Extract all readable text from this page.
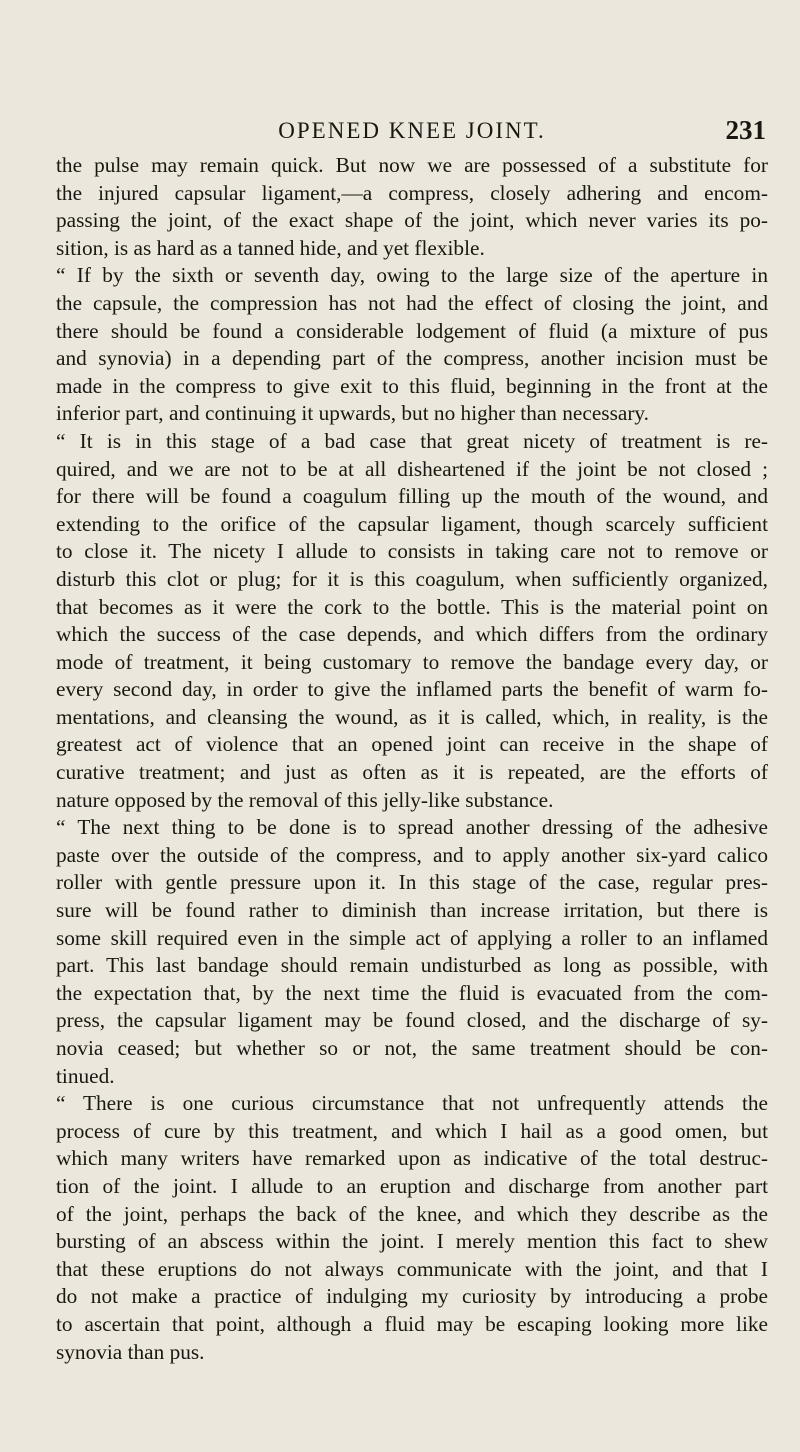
OPENED KNEE JOINT.	231
the pulse may remain quick. But now we are possessed of a substitute for
the injured capsular ligament,—a compress, closely adhering and encom-
passing the joint, of the exact shape of the joint, which never varies its po-
sition, is as hard as a tanned hide, and yet flexible.
“ If by the sixth or seventh day, owing to the large size of the aperture in
the capsule, the compression has not had the effect of closing the joint, and
there should be found a considerable lodgement of fluid (a mixture of pus
and synovia) in a depending part of the compress, another incision must be
made in the compress to give exit to this fluid, beginning in the front at the
inferior part, and continuing it upwards, but no higher than necessary.
“ It is in this stage of a bad case that great nicety of treatment is re-
quired, and we are not to be at all disheartened if the joint be not closed ;
for there will be found a coagulum filling up the mouth of the wound, and
extending to the orifice of the capsular ligament, though scarcely sufficient
to close it. The nicety I allude to consists in taking care not to remove or
disturb this clot or plug; for it is this coagulum, when sufficiently organized,
that becomes as it were the cork to the bottle. This is the material point on
which the success of the case depends, and which differs from the ordinary
mode of treatment, it being customary to remove the bandage every day, or
every second day, in order to give the inflamed parts the benefit of warm fo-
mentations, and cleansing the wound, as it is called, which, in reality, is the
greatest act of violence that an opened joint can receive in the shape of
curative treatment; and just as often as it is repeated, are the efforts of
nature opposed by the removal of this jelly-like substance.
“ The next thing to be done is to spread another dressing of the adhesive
paste over the outside of the compress, and to apply another six-yard calico
roller with gentle pressure upon it. In this stage of the case, regular pres-
sure will be found rather to diminish than increase irritation, but there is
some skill required even in the simple act of applying a roller to an inflamed
part. This last bandage should remain undisturbed as long as possible, with
the expectation that, by the next time the fluid is evacuated from the com-
press, the capsular ligament may be found closed, and the discharge of sy-
novia ceased; but whether so or not, the same treatment should be con-
tinued.
“ There is one curious circumstance that not unfrequently attends the
process of cure by this treatment, and which I hail as a good omen, but
which many writers have remarked upon as indicative of the total destruc-
tion of the joint. I allude to an eruption and discharge from another part
of the joint, perhaps the back of the knee, and which they describe as the
bursting of an abscess within the joint. I merely mention this fact to shew
that these eruptions do not always communicate with the joint, and that I
do not make a practice of indulging my curiosity by introducing a probe
to ascertain that point, although a fluid may be escaping looking more like
synovia than pus.
